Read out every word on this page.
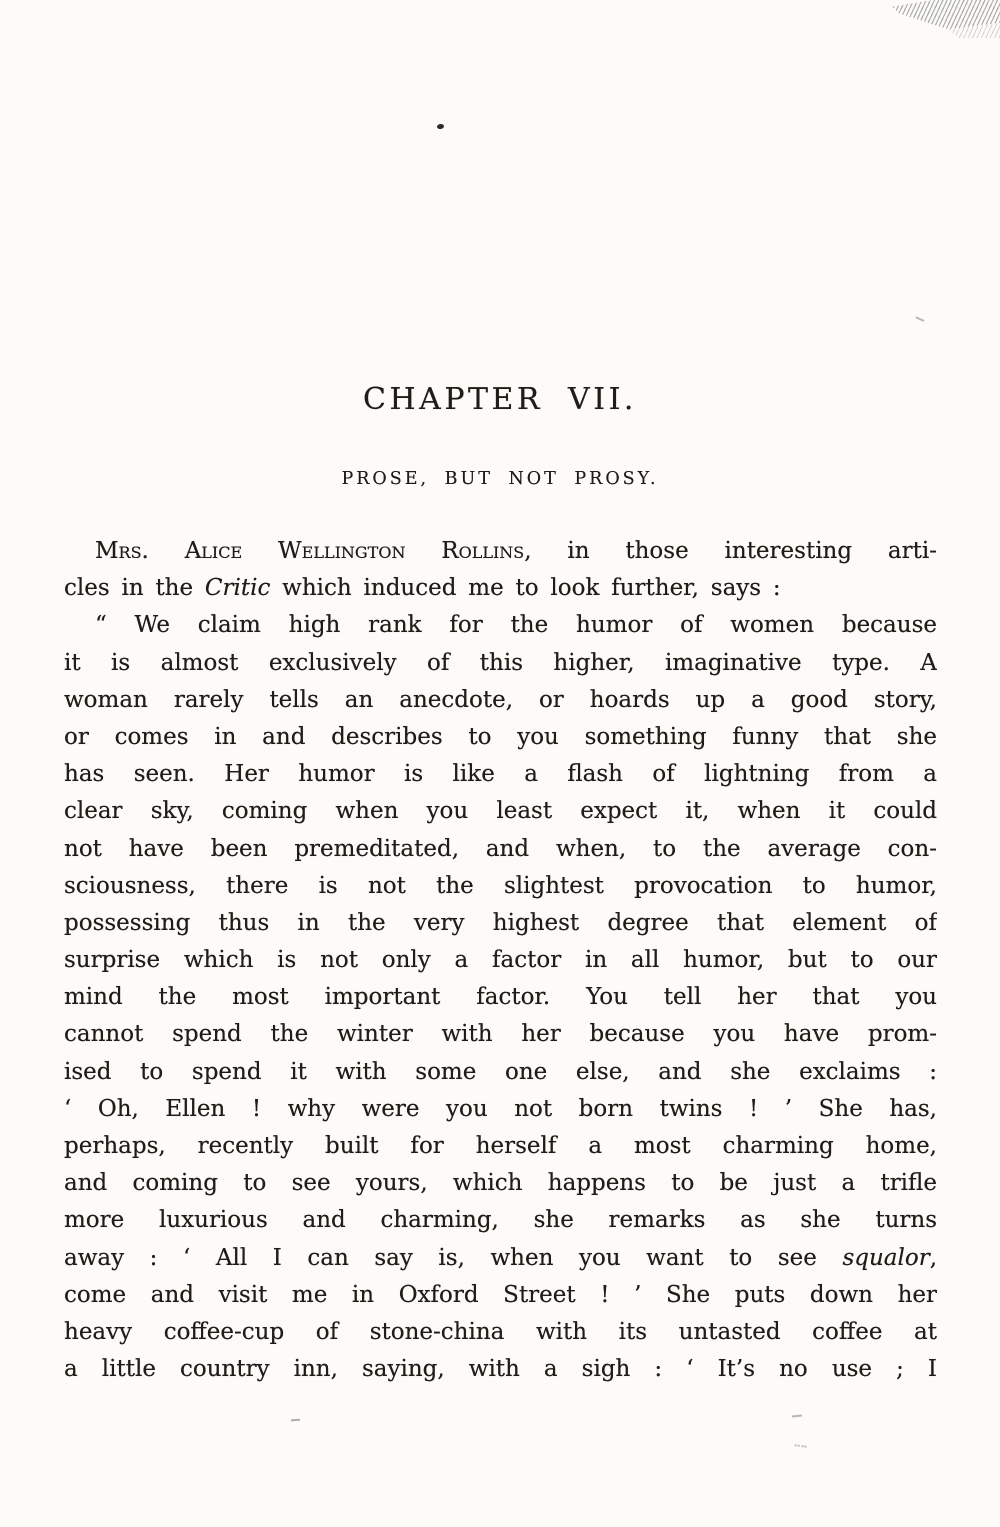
CHAPTER VII.
PROSE, BUT NOT PROSY.
Mrs. Alice Wellington Rollins, in those interesting arti-
cles in the Critic which induced me to look further, says :
“ We claim high rank for the humor of women because
it is almost exclusively of this higher, imaginative type. A
woman rarely tells an anecdote, or hoards up a good story,
or comes in and describes to you something funny that she
has seen. Her humor is like a flash of lightning from a
clear sky, coming when you least expect it, when it could
not have been premeditated, and when, to the average con-
sciousness, there is not the slightest provocation to humor,
possessing thus in the very highest degree that element of
surprise which is not only a factor in all humor, but to our
mind the most important factor. You tell her that you
cannot spend the winter with her because you have prom-
ised to spend it with some one else, and she exclaims :
‘ Oh, Ellen ! why were you not born twins ! ’ She has,
perhaps, recently built for herself a most charming home,
and coming to see yours, which happens to be just a trifle
more luxurious and charming, she remarks as she turns
away : ‘ All I can say is, when you want to see squalor,
come and visit me in Oxford Street ! ’ She puts down her
heavy coffee-cup of stone-china with its untasted coffee at
a little country inn, saying, with a sigh : ‘ It’s no use ; I
